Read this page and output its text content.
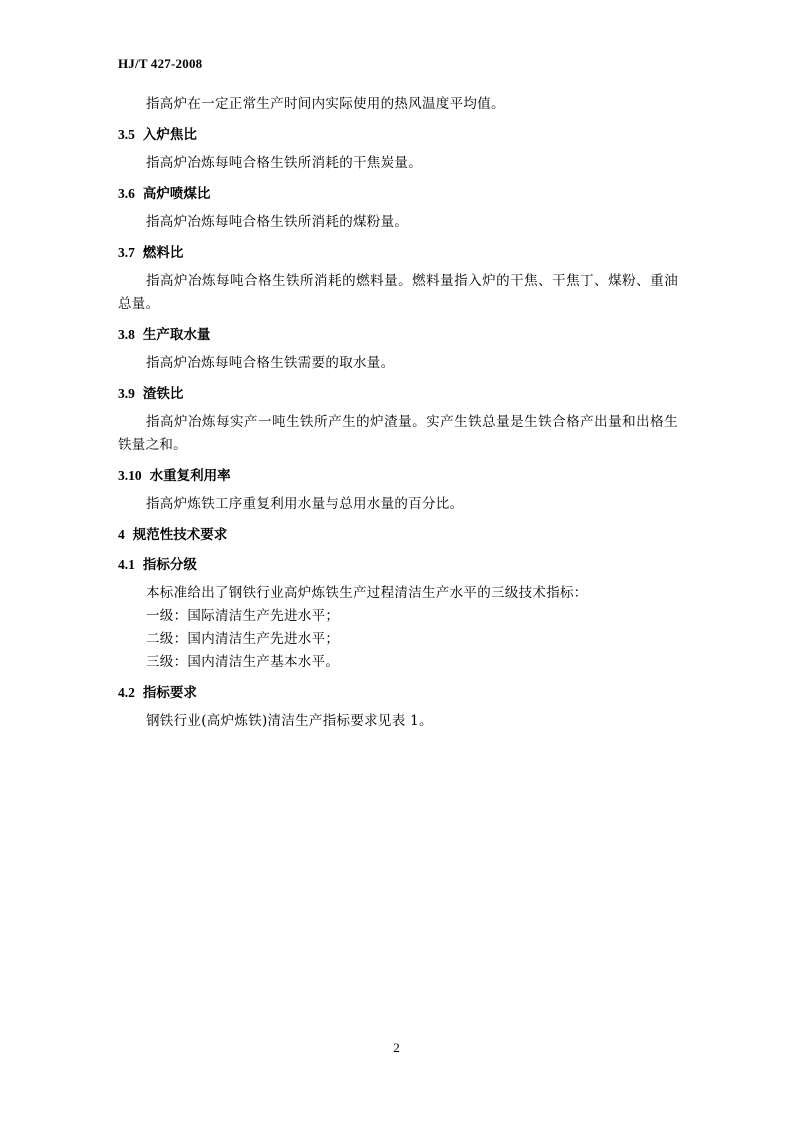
HJ/T 427-2008

指高炉在一定正常生产时间内实际使用的热风温度平均值。

3.5 入炉焦比

指高炉冶炼每吨合格生铁所消耗的干焦炭量。

3.6 高炉喷煤比

指高炉冶炼每吨合格生铁所消耗的煤粉量。

3.7 燃料比

指高炉冶炼每吨合格生铁所消耗的燃料量。燃料量指入炉的干焦、干焦丁、煤粉、重油总量。

3.8 生产取水量

指高炉冶炼每吨合格生铁需要的取水量。

3.9 渣铁比

指高炉冶炼每实产一吨生铁所产生的炉渣量。实产生铁总量是生铁合格产出量和出格生铁量之和。

3.10 水重复利用率

指高炉炼铁工序重复利用水量与总用水量的百分比。

4 规范性技术要求
4.1 指标分级

本标准给出了钢铁行业高炉炼铁生产过程清洁生产水平的三级技术指标：

一级：国际清洁生产先进水平；

二级：国内清洁生产先进水平；

三级：国内清洁生产基本水平。

4.2 指标要求

钢铁行业(高炉炼铁)清洁生产指标要求见表 1。

2
